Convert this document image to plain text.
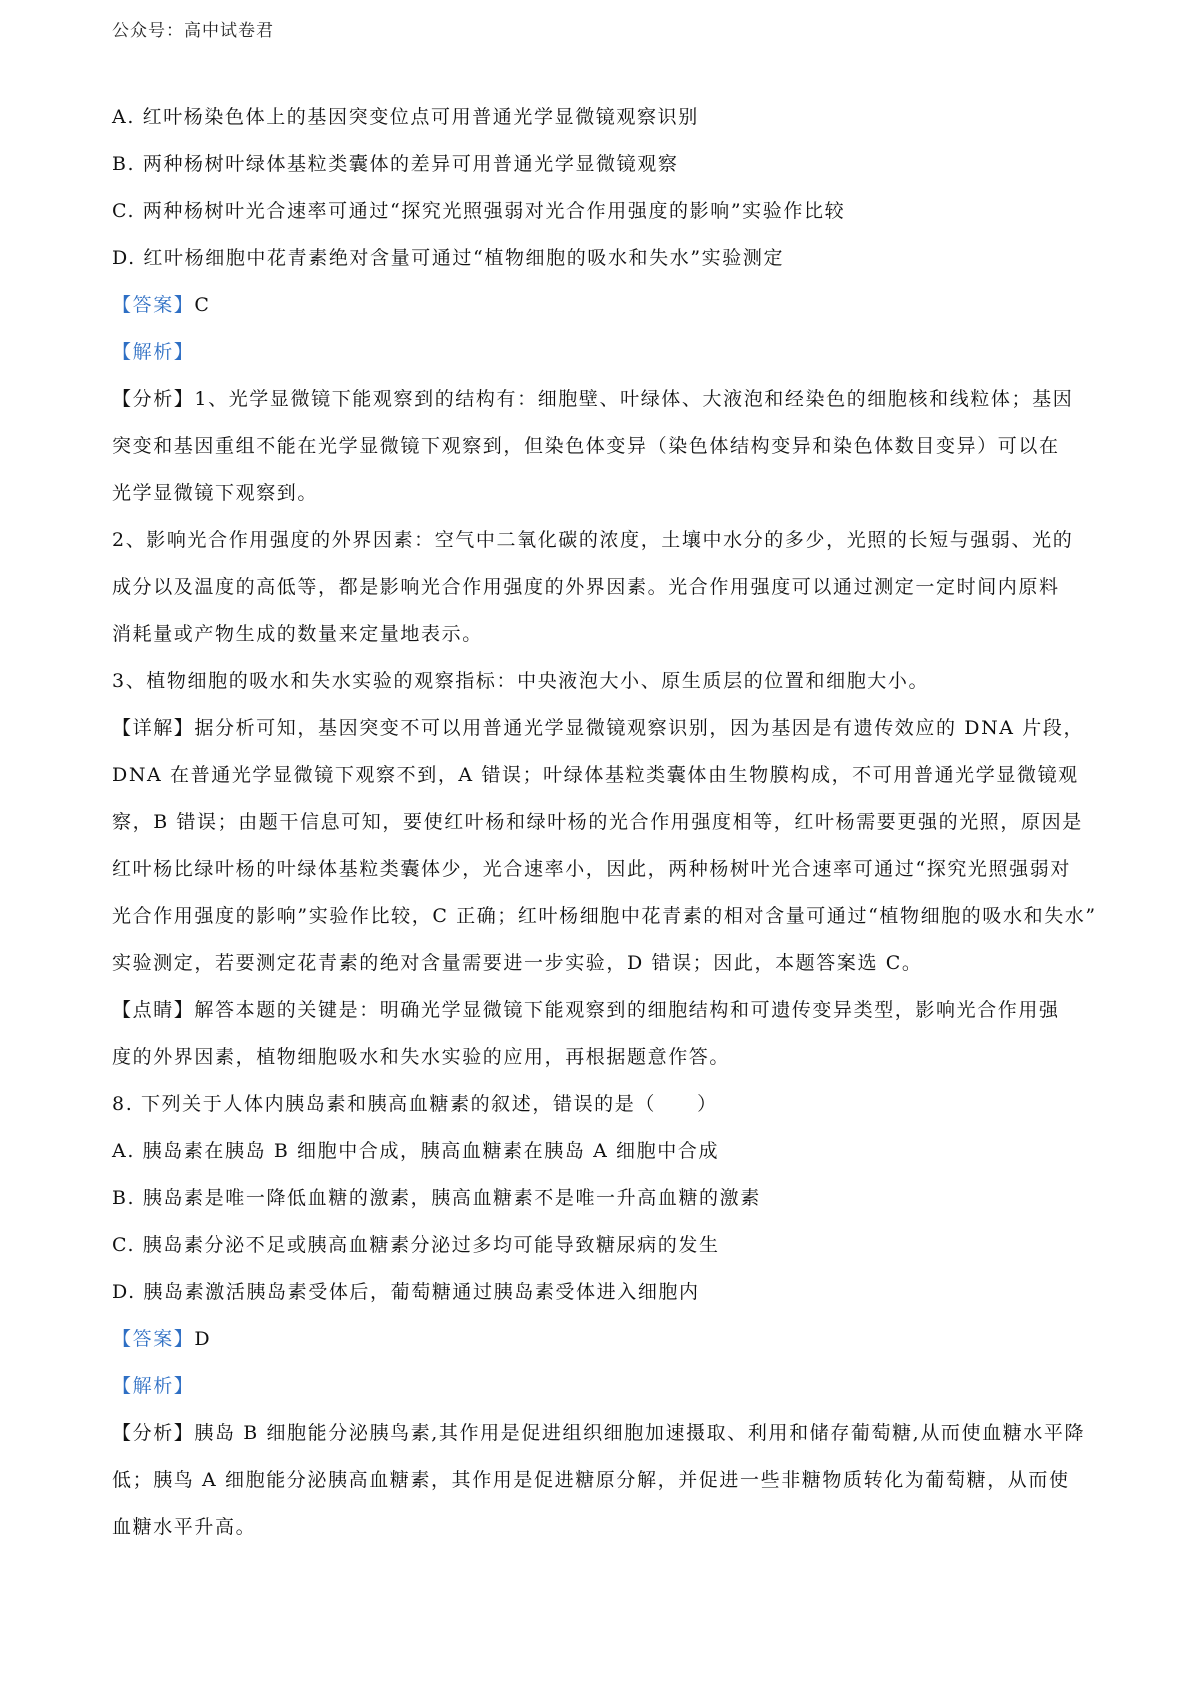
公众号：高中试卷君
A. 红叶杨染色体上的基因突变位点可用普通光学显微镜观察识别
B. 两种杨树叶绿体基粒类囊体的差异可用普通光学显微镜观察
C. 两种杨树叶光合速率可通过“探究光照强弱对光合作用强度的影响”实验作比较
D. 红叶杨细胞中花青素绝对含量可通过“植物细胞的吸水和失水”实验测定
【答案】C
【解析】
【分析】1、光学显微镜下能观察到的结构有：细胞壁、叶绿体、大液泡和经染色的细胞核和线粒体；基因
突变和基因重组不能在光学显微镜下观察到，但染色体变异（染色体结构变异和染色体数目变异）可以在
光学显微镜下观察到。
2、影响光合作用强度的外界因素：空气中二氧化碳的浓度，土壤中水分的多少，光照的长短与强弱、光的
成分以及温度的高低等，都是影响光合作用强度的外界因素。光合作用强度可以通过测定一定时间内原料
消耗量或产物生成的数量来定量地表示。
3、植物细胞的吸水和失水实验的观察指标：中央液泡大小、原生质层的位置和细胞大小。
【详解】据分析可知，基因突变不可以用普通光学显微镜观察识别，因为基因是有遗传效应的 DNA 片段，
DNA 在普通光学显微镜下观察不到，A 错误；叶绿体基粒类囊体由生物膜构成，不可用普通光学显微镜观
察，B 错误；由题干信息可知，要使红叶杨和绿叶杨的光合作用强度相等，红叶杨需要更强的光照，原因是
红叶杨比绿叶杨的叶绿体基粒类囊体少，光合速率小，因此，两种杨树叶光合速率可通过“探究光照强弱对
光合作用强度的影响”实验作比较，C 正确；红叶杨细胞中花青素的相对含量可通过“植物细胞的吸水和失水”
实验测定，若要测定花青素的绝对含量需要进一步实验，D 错误；因此，本题答案选 C。
【点睛】解答本题的关键是：明确光学显微镜下能观察到的细胞结构和可遗传变异类型，影响光合作用强
度的外界因素，植物细胞吸水和失水实验的应用，再根据题意作答。
8. 下列关于人体内胰岛素和胰高血糖素的叙述，错误的是（　　）
A. 胰岛素在胰岛 B 细胞中合成，胰高血糖素在胰岛 A 细胞中合成
B. 胰岛素是唯一降低血糖的激素，胰高血糖素不是唯一升高血糖的激素
C. 胰岛素分泌不足或胰高血糖素分泌过多均可能导致糖尿病的发生
D. 胰岛素激活胰岛素受体后，葡萄糖通过胰岛素受体进入细胞内
【答案】D
【解析】
【分析】胰岛 B 细胞能分泌胰鸟素,其作用是促进组织细胞加速摄取、利用和储存葡萄糖,从而使血糖水平降
低；胰鸟 A 细胞能分泌胰高血糖素，其作用是促进糖原分解，并促进一些非糖物质转化为葡萄糖，从而使
血糖水平升高。
